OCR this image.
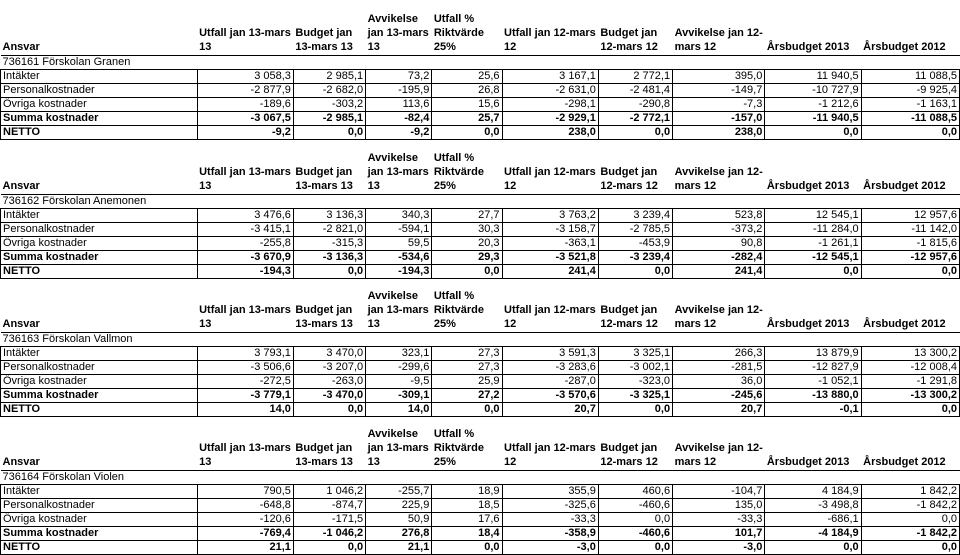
Ansvar	Utfall jan 13-mars 13	Budget jan 13-mars 13	Avvikelse jan 13-mars 13	Utfall % Riktvärde 25%	Utfall jan 12-mars 12	Budget jan 12-mars 12	Avvikelse jan 12-mars 12	Årsbudget 2013	Årsbudget 2012
736161 Förskolan Granen									
Intäkter	3 058,3	2 985,1	73,2	25,6	3 167,1	2 772,1	395,0	11 940,5	11 088,5
Personalkostnader	-2 877,9	-2 682,0	-195,9	26,8	-2 631,0	-2 481,4	-149,7	-10 727,9	-9 925,4
Övriga kostnader	-189,6	-303,2	113,6	15,6	-298,1	-290,8	-7,3	-1 212,6	-1 163,1
Summa kostnader	-3 067,5	-2 985,1	-82,4	25,7	-2 929,1	-2 772,1	-157,0	-11 940,5	-11 088,5
NETTO	-9,2	0,0	-9,2	0,0	238,0	0,0	238,0	0,0	0,0
Ansvar	Utfall jan 13-mars 13	Budget jan 13-mars 13	Avvikelse jan 13-mars 13	Utfall % Riktvärde 25%	Utfall jan 12-mars 12	Budget jan 12-mars 12	Avvikelse jan 12-mars 12	Årsbudget 2013	Årsbudget 2012
736162 Förskolan Anemonen									
Intäkter	3 476,6	3 136,3	340,3	27,7	3 763,2	3 239,4	523,8	12 545,1	12 957,6
Personalkostnader	-3 415,1	-2 821,0	-594,1	30,3	-3 158,7	-2 785,5	-373,2	-11 284,0	-11 142,0
Övriga kostnader	-255,8	-315,3	59,5	20,3	-363,1	-453,9	90,8	-1 261,1	-1 815,6
Summa kostnader	-3 670,9	-3 136,3	-534,6	29,3	-3 521,8	-3 239,4	-282,4	-12 545,1	-12 957,6
NETTO	-194,3	0,0	-194,3	0,0	241,4	0,0	241,4	0,0	0,0
Ansvar	Utfall jan 13-mars 13	Budget jan 13-mars 13	Avvikelse jan 13-mars 13	Utfall % Riktvärde 25%	Utfall jan 12-mars 12	Budget jan 12-mars 12	Avvikelse jan 12-mars 12	Årsbudget 2013	Årsbudget 2012
736163 Förskolan Vallmon									
Intäkter	3 793,1	3 470,0	323,1	27,3	3 591,3	3 325,1	266,3	13 879,9	13 300,2
Personalkostnader	-3 506,6	-3 207,0	-299,6	27,3	-3 283,6	-3 002,1	-281,5	-12 827,9	-12 008,4
Övriga kostnader	-272,5	-263,0	-9,5	25,9	-287,0	-323,0	36,0	-1 052,1	-1 291,8
Summa kostnader	-3 779,1	-3 470,0	-309,1	27,2	-3 570,6	-3 325,1	-245,6	-13 880,0	-13 300,2
NETTO	14,0	0,0	14,0	0,0	20,7	0,0	20,7	-0,1	0,0
Ansvar	Utfall jan 13-mars 13	Budget jan 13-mars 13	Avvikelse jan 13-mars 13	Utfall % Riktvärde 25%	Utfall jan 12-mars 12	Budget jan 12-mars 12	Avvikelse jan 12-mars 12	Årsbudget 2013	Årsbudget 2012
736164 Förskolan Violen									
Intäkter	790,5	1 046,2	-255,7	18,9	355,9	460,6	-104,7	4 184,9	1 842,2
Personalkostnader	-648,8	-874,7	225,9	18,5	-325,6	-460,6	135,0	-3 498,8	-1 842,2
Övriga kostnader	-120,6	-171,5	50,9	17,6	-33,3	0,0	-33,3	-686,1	0,0
Summa kostnader	-769,4	-1 046,2	276,8	18,4	-358,9	-460,6	101,7	-4 184,9	-1 842,2
NETTO	21,1	0,0	21,1	0,0	-3,0	0,0	-3,0	0,0	0,0
